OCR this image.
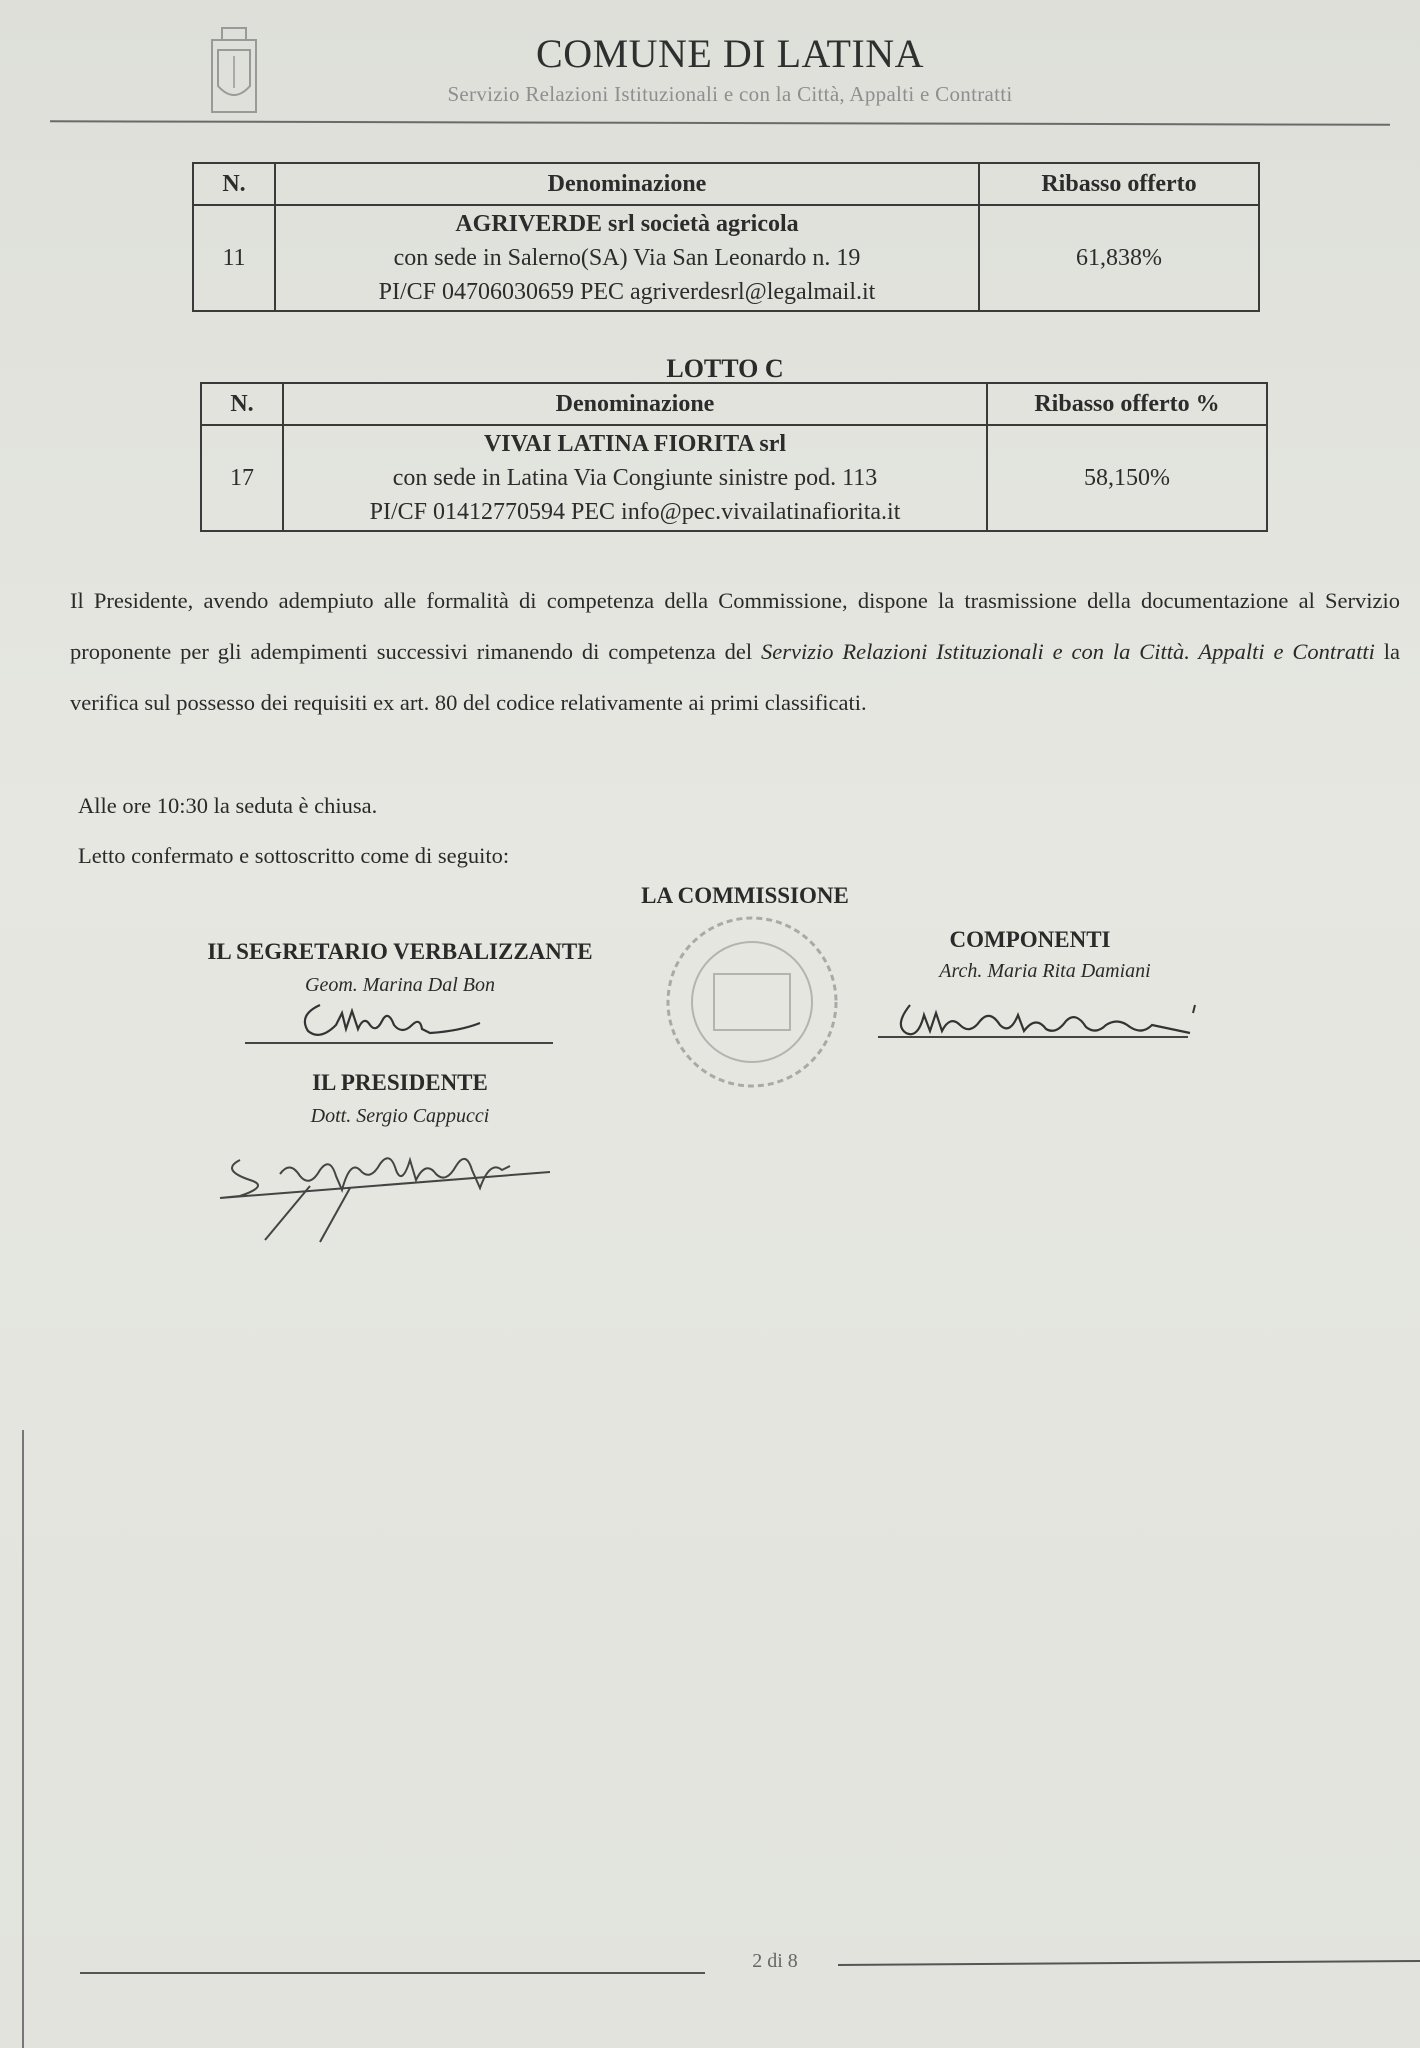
COMUNE DI LATINA
Servizio Relazioni Istituzionali e con la Città, Appalti e Contratti
N.	Denominazione	Ribasso offerto
11	AGRIVERDE srl società agricola
con sede in Salerno(SA) Via San Leonardo n. 19
PI/CF 04706030659 PEC agriverdesrl@legalmail.it	61,838%
LOTTO C
N.	Denominazione	Ribasso offerto %
17	VIVAI LATINA FIORITA srl
con sede in Latina Via Congiunte sinistre pod. 113
PI/CF 01412770594 PEC info@pec.vivailatinafiorita.it	58,150%
Il Presidente, avendo adempiuto alle formalità di competenza della Commissione, dispone la trasmissione della documentazione al Servizio proponente per gli adempimenti successivi rimanendo di competenza del Servizio Relazioni Istituzionali e con la Città. Appalti e Contratti la verifica sul possesso dei requisiti ex art. 80 del codice relativamente ai primi classificati.
Alle ore 10:30 la seduta è chiusa.
Letto confermato e sottoscritto come di seguito:
LA COMMISSIONE
IL SEGRETARIO VERBALIZZANTE
Geom. Marina Dal Bon
COMPONENTI
Arch. Maria Rita Damiani
IL PRESIDENTE
Dott. Sergio Cappucci
2 di 8
